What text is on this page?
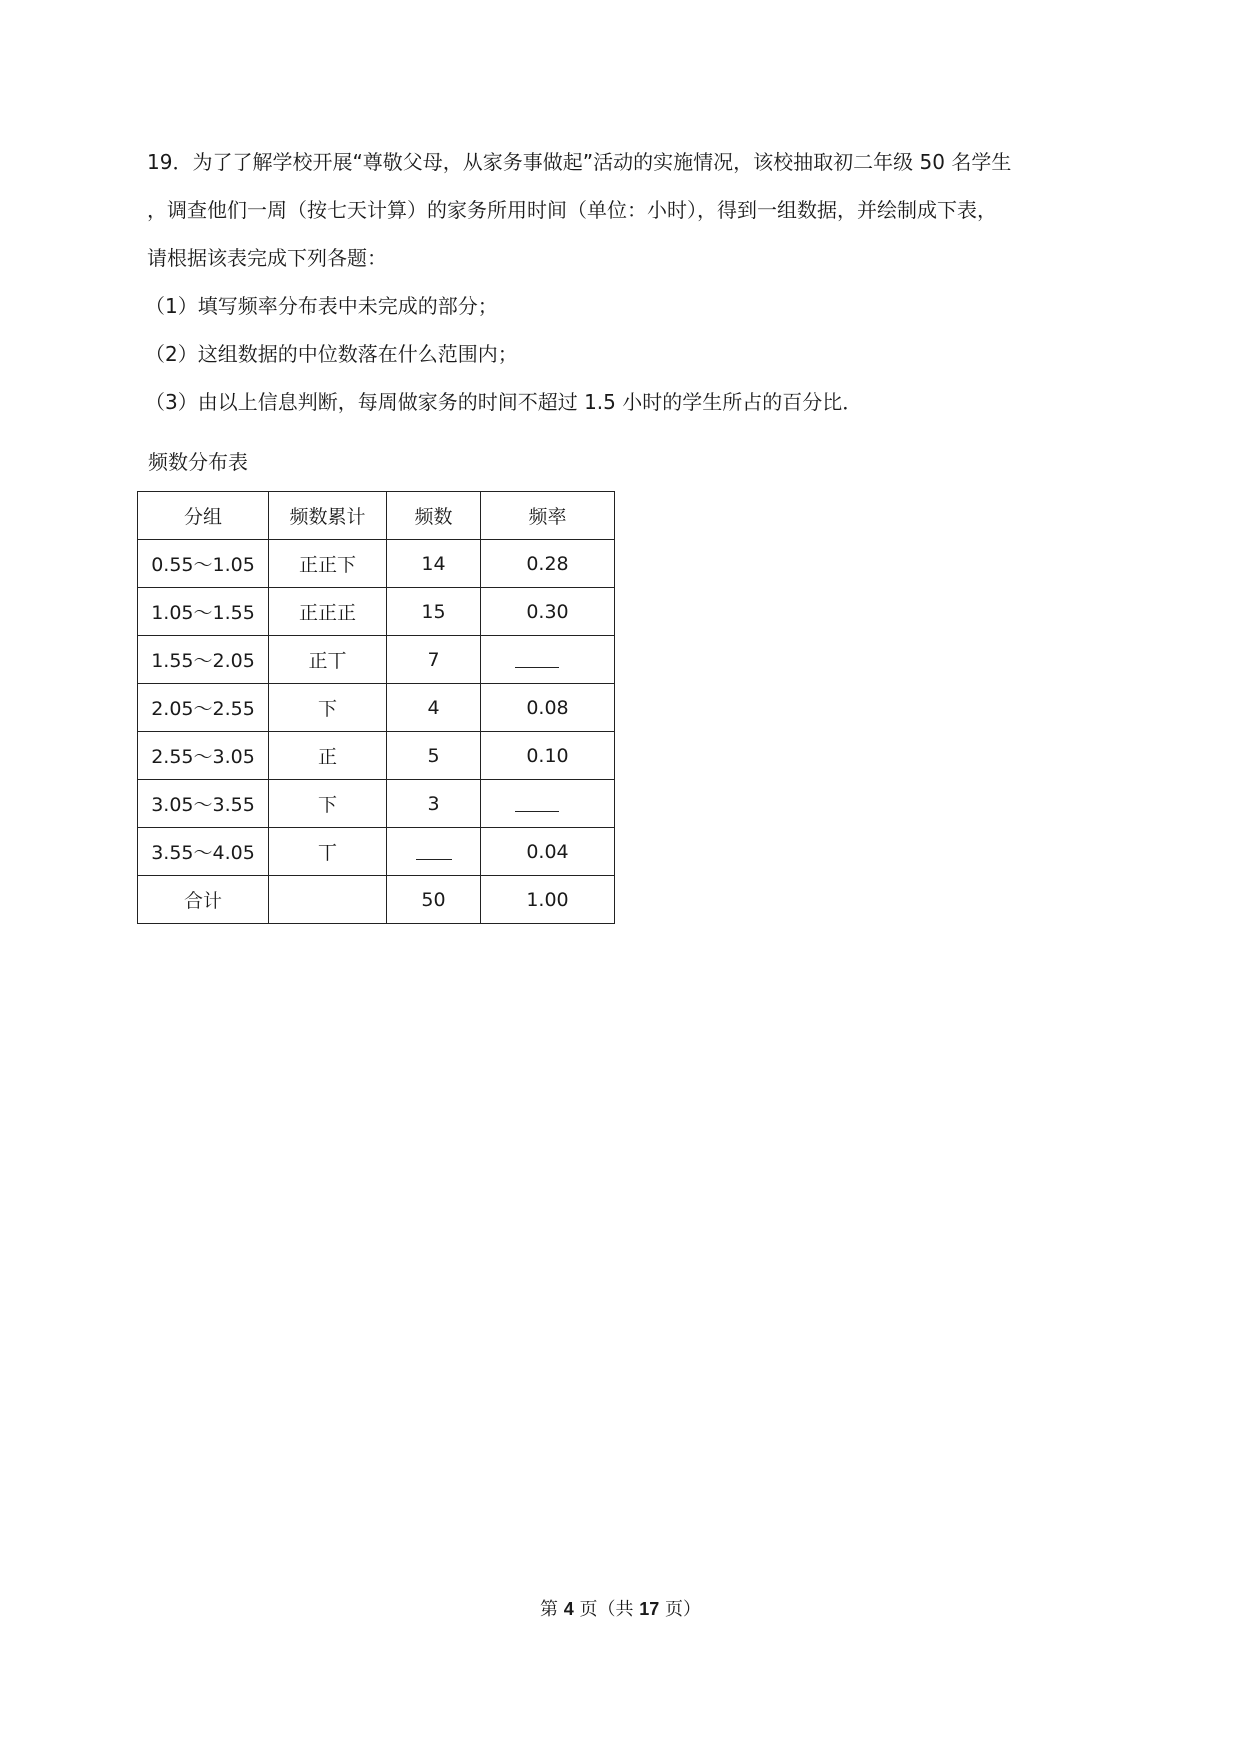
19．为了了解学校开展“尊敬父母，从家务事做起”活动的实施情况，该校抽取初二年级 50 名学生
，调查他们一周（按七天计算）的家务所用时间（单位：小时），得到一组数据，并绘制成下表，
请根据该表完成下列各题：
（1）填写频率分布表中未完成的部分；
（2）这组数据的中位数落在什么范围内；
（3）由以上信息判断，每周做家务的时间不超过 1.5 小时的学生所占的百分比．
频数分布表
分组	频数累计	频数	频率
0.55～1.05	正正下	14	0.28
1.05～1.55	正正正	15	0.30
1.55～2.05	正丅	7	
2.05～2.55	下	4	0.08
2.55～3.05	正	5	0.10
3.05～3.55	下	3	
3.55～4.05	丅		0.04
合计		50	1.00
第 4 页（共 17 页）
